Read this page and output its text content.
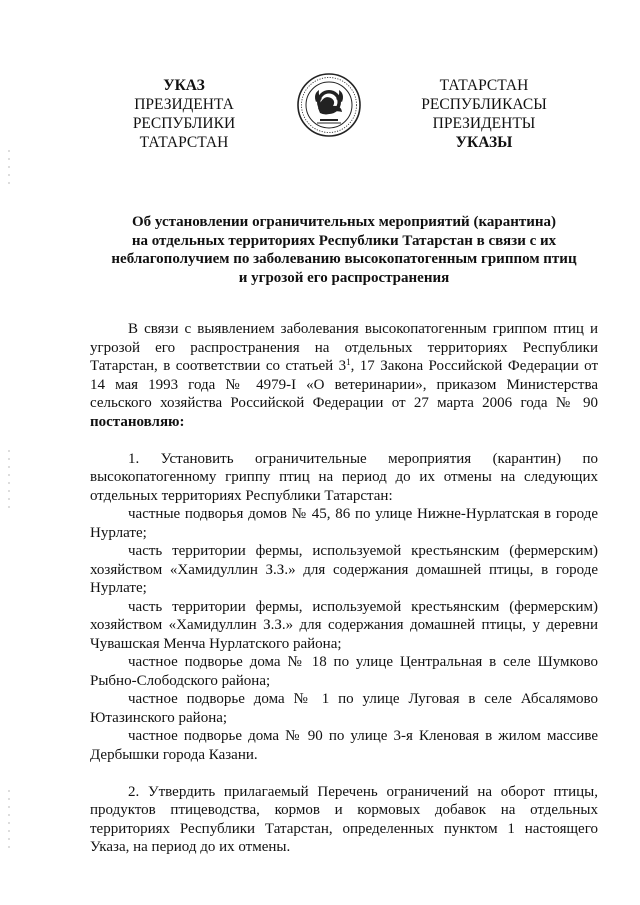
УКАЗ
ПРЕЗИДЕНТА
РЕСПУБЛИКИ ТАТАРСТАН
ТАТАРСТАН РЕСПУБЛИКАСЫ
ПРЕЗИДЕНТЫ
УКАЗЫ
Об установлении ограничительных мероприятий (карантина)
на отдельных территориях Республики Татарстан в связи с их
неблагополучием по заболеванию высокопатогенным гриппом птиц
и угрозой его распространения

В связи с выявлением заболевания высокопатогенным гриппом птиц и угрозой его распространения на отдельных территориях Республики Татарстан, в соответствии со статьей $3^1$, 17 Закона Российской Федерации от 14 мая 1993 года № 4979-I «О ветеринарии», приказом Министерства сельского хозяйства Российской Федерации от 27 марта 2006 года № 90 постановляю:

1. Установить ограничительные мероприятия (карантин) по высокопатогенному гриппу птиц на период до их отмены на следующих отдельных территориях Республики Татарстан:

частные подворья домов № 45, 86 по улице Нижне-Нурлатская в городе Нурлате;

часть территории фермы, используемой крестьянским (фермерским) хозяйством «Хамидуллин З.З.» для содержания домашней птицы, в городе Нурлате;

часть территории фермы, используемой крестьянским (фермерским) хозяйством «Хамидуллин З.З.» для содержания домашней птицы, у деревни Чувашская Менча Нурлатского района;

частное подворье дома № 18 по улице Центральная в селе Шумково Рыбно-Слободского района;

частное подворье дома № 1 по улице Луговая в селе Абсалямово Ютазинского района;

частное подворье дома № 90 по улице 3-я Кленовая в жилом массиве Дербышки города Казани.

2. Утвердить прилагаемый Перечень ограничений на оборот птицы, продуктов птицеводства, кормов и кормовых добавок на отдельных территориях Республики Татарстан, определенных пунктом 1 настоящего Указа, на период до их отмены.
